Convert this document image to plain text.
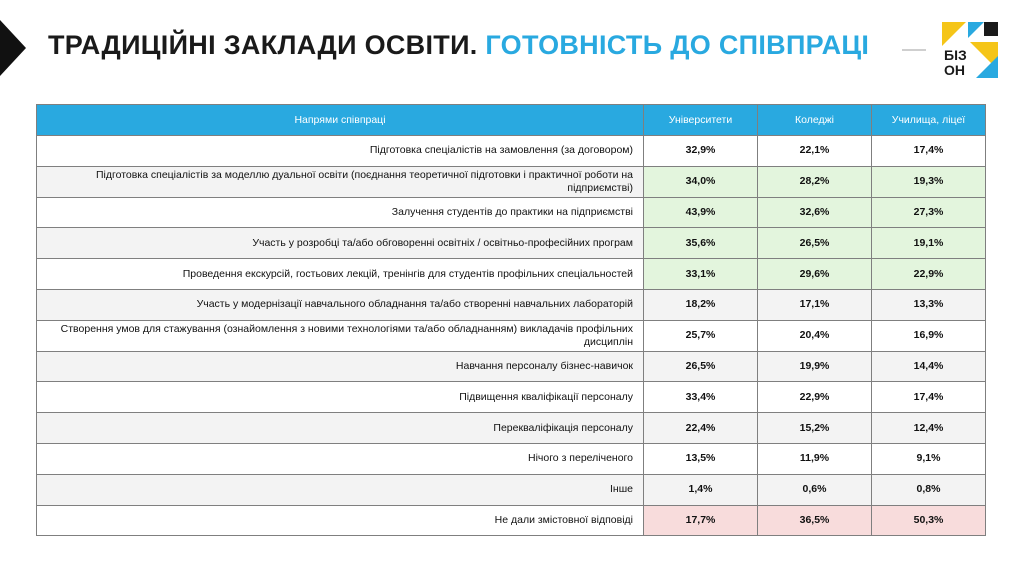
ТРАДИЦІЙНІ ЗАКЛАДИ ОСВІТИ. ГОТОВНІСТЬ ДО СПІВПРАЦІ	БІЗ
ОН
Напрями співпраці	Університети	Коледжі	Училища, ліцеї
Підготовка спеціалістів на замовлення (за договором)	32,9%	22,1%	17,4%
Підготовка спеціалістів за моделлю дуальної освіти (поєднання теоретичної підготовки і практичної роботи на підприємстві)	34,0%	28,2%	19,3%
Залучення студентів до практики на підприємстві	43,9%	32,6%	27,3%
Участь у розробці та/або обговоренні освітніх / освітньо-професійних програм	35,6%	26,5%	19,1%
Проведення екскурсій, гостьових лекцій, тренінгів для студентів профільних спеціальностей	33,1%	29,6%	22,9%
Участь у модернізації навчального обладнання та/або створенні навчальних лабораторій	18,2%	17,1%	13,3%
Створення умов для стажування (ознайомлення з новими технологіями та/або обладнанням) викладачів профільних дисциплін	25,7%	20,4%	16,9%
Навчання персоналу бізнес-навичок	26,5%	19,9%	14,4%
Підвищення кваліфікації персоналу	33,4%	22,9%	17,4%
Перекваліфікація персоналу	22,4%	15,2%	12,4%
Нічого з переліченого	13,5%	11,9%	9,1%
Інше	1,4%	0,6%	0,8%
Не дали змістовної відповіді	17,7%	36,5%	50,3%
